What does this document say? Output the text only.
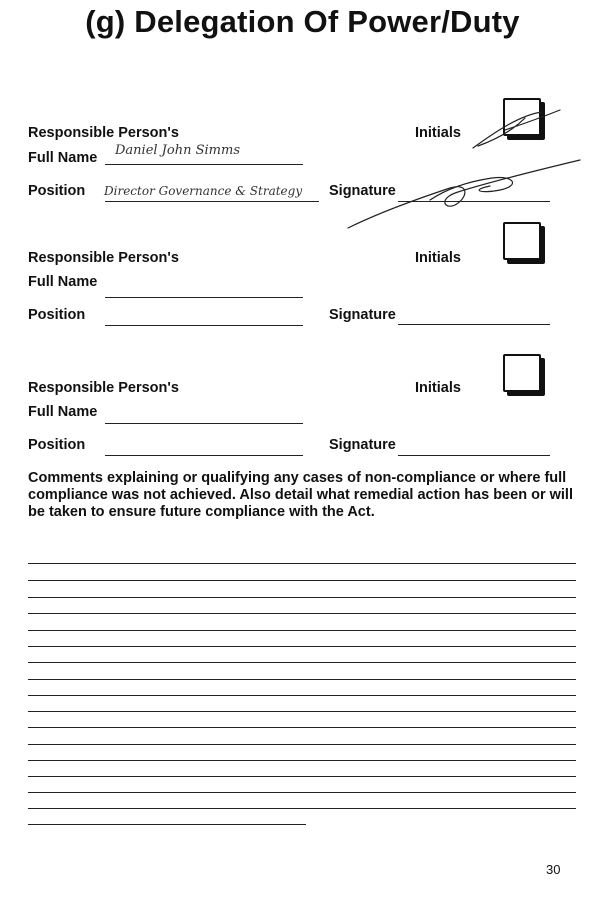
(g) Delegation Of Power/Duty
Responsible Person's
Full Name Daniel John Simms
Position Director Governance & Strategy
Initials
Signature
Responsible Person's
Full Name
Position
Initials
Signature
Responsible Person's
Full Name
Position
Initials
Signature
Comments explaining or qualifying any cases of non-compliance or where full compliance was not achieved. Also detail what remedial action has been or will be taken to ensure future compliance with the Act.
30
